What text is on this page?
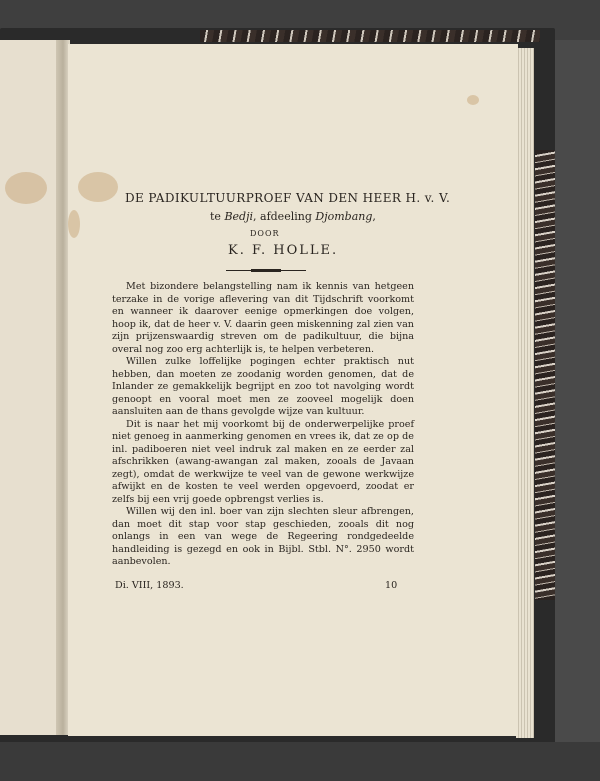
DE PADIKULTUURPROEF VAN DEN HEER H. v. V.
te Bedji, afdeeling Djombang,
DOOR
K. F. HOLLE.

Met bizondere belangstelling nam ik kennis van hetgeen terzake in de vorige aflevering van dit Tijdschrift voorkomt en wanneer ik daarover eenige opmerkingen doe volgen, hoop ik, dat de heer v. V. daarin geen miskenning zal zien van zijn prijzenswaardig streven om de padikultuur, die bijna overal nog zoo erg achterlijk is, te helpen verbeteren.

Willen zulke loffelijke pogingen echter praktisch nut hebben, dan moeten ze zoodanig worden genomen, dat de Inlander ze gemakkelijk begrijpt en zoo tot navolging wordt genoopt en vooral moet men ze zooveel mogelijk doen aansluiten aan de thans gevolgde wijze van kultuur.

Dit is naar het mij voorkomt bij de onderwerpelijke proef niet genoeg in aanmerking genomen en vrees ik, dat ze op de inl. padiboeren niet veel indruk zal maken en ze eerder zal afschrikken (awang-awangan zal maken, zooals de Javaan zegt), omdat de werkwijze te veel van de gewone werkwijze afwijkt en de kosten te veel werden opgevoerd, zoodat er zelfs bij een vrij goede opbrengst verlies is.

Willen wij den inl. boer van zijn slechten sleur afbrengen, dan moet dit stap voor stap geschieden, zooals dit nog onlangs in een van wege de Regeering rondgedeelde handleiding is gezegd en ook in Bijbl. Stbl. N°. 2950 wordt aanbevolen.

Di. VIII, 1893.	10
